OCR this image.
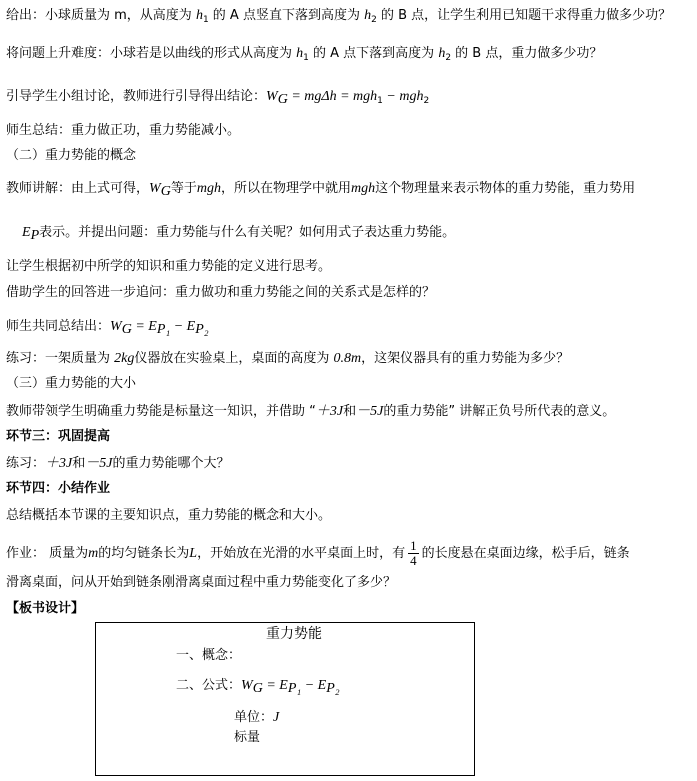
给出：小球质量为 m，从高度为 $h_1$ 的 A 点竖直下落到高度为 $h_2$ 的 B 点，让学生利用已知题干求得重力做多少功？
将问题上升难度：小球若是以曲线的形式从高度为 $h_1$ 的 A 点下落到高度为 $h_2$ 的 B 点，重力做多少功？
引导学生小组讨论，教师进行引导得出结论：$W_G = mg\Delta h = mgh_1 - mgh_2$
师生总结：重力做正功，重力势能减小。
（二）重力势能的概念
教师讲解：由上式可得，$W_G$等于mgh，所以在物理学中就用mgh这个物理量来表示物体的重力势能，重力势用
$E_P$表示。并提出问题：重力势能与什么有关呢？如何用式子表达重力势能。
让学生根据初中所学的知识和重力势能的定义进行思考。
借助学生的回答进一步追问：重力做功和重力势能之间的关系式是怎样的？
师生共同总结出：$W_G = E_{P_1} - E_{P_2}$
练习：一架质量为 2kg仪器放在实验桌上，桌面的高度为 0.8m，这架仪器具有的重力势能为多少？
（三）重力势能的大小
教师带领学生明确重力势能是标量这一知识，并借助 “＋3J和－5J的重力势能” 讲解正负号所代表的意义。
环节三：巩固提高
练习：＋3J和－5J的重力势能哪个大？
环节四：小结作业
总结概括本节课的主要知识点，重力势能的概念和大小。
作业： 质量为m的均匀链条长为L，开始放在光滑的水平桌面上时，有 $\frac{1}{4}$ 的长度悬在桌面边缘，松手后，链条
滑离桌面，问从开始到链条刚滑离桌面过程中重力势能变化了多少？
【板书设计】
重力势能
一、概念：
二、公式：$W_G = E_{P_1} - E_{P_2}$
单位：J
标量
